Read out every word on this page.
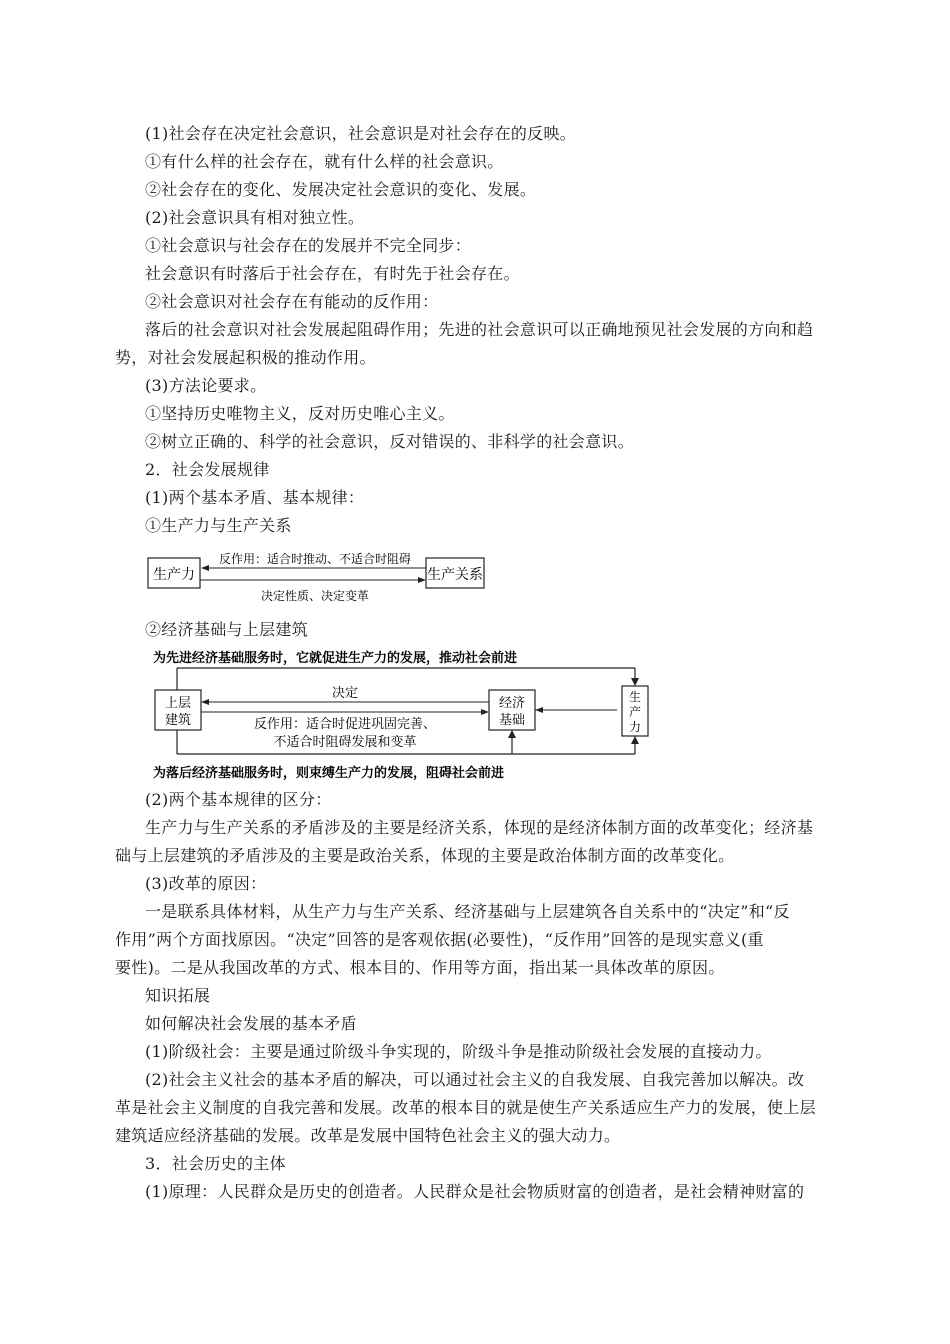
(1)社会存在决定社会意识，社会意识是对社会存在的反映。
①有什么样的社会存在，就有什么样的社会意识。
②社会存在的变化、发展决定社会意识的变化、发展。
(2)社会意识具有相对独立性。
①社会意识与社会存在的发展并不完全同步：
社会意识有时落后于社会存在，有时先于社会存在。
②社会意识对社会存在有能动的反作用：
落后的社会意识对社会发展起阻碍作用；先进的社会意识可以正确地预见社会发展的方向和趋
势，对社会发展起积极的推动作用。
(3)方法论要求。
①坚持历史唯物主义，反对历史唯心主义。
②树立正确的、科学的社会意识，反对错误的、非科学的社会意识。
2．社会发展规律
(1)两个基本矛盾、基本规律：
①生产力与生产关系
生产力	生产关系
反作用：适合时推动、不适合时阻碍
决定性质、决定变革
②经济基础与上层建筑
为先进经济基础服务时，它就促进生产力的发展，推动社会前进
为落后经济基础服务时，则束缚生产力的发展，阻碍社会前进
上层
建筑
经济
基础
生
产
力
决定
反作用：适合时促进巩固完善、
不适合时阻碍发展和变革
(2)两个基本规律的区分：
生产力与生产关系的矛盾涉及的主要是经济关系，体现的是经济体制方面的改革变化；经济基
础与上层建筑的矛盾涉及的主要是政治关系，体现的主要是政治体制方面的改革变化。
(3)改革的原因：
一是联系具体材料，从生产力与生产关系、经济基础与上层建筑各自关系中的“决定”和“反
作用”两个方面找原因。“决定”回答的是客观依据(必要性)，“反作用”回答的是现实意义(重
要性)。二是从我国改革的方式、根本目的、作用等方面，指出某一具体改革的原因。
知识拓展
如何解决社会发展的基本矛盾
(1)阶级社会：主要是通过阶级斗争实现的，阶级斗争是推动阶级社会发展的直接动力。
(2)社会主义社会的基本矛盾的解决，可以通过社会主义的自我发展、自我完善加以解决。改
革是社会主义制度的自我完善和发展。改革的根本目的就是使生产关系适应生产力的发展，使上层
建筑适应经济基础的发展。改革是发展中国特色社会主义的强大动力。
3．社会历史的主体
(1)原理：人民群众是历史的创造者。人民群众是社会物质财富的创造者，是社会精神财富的
